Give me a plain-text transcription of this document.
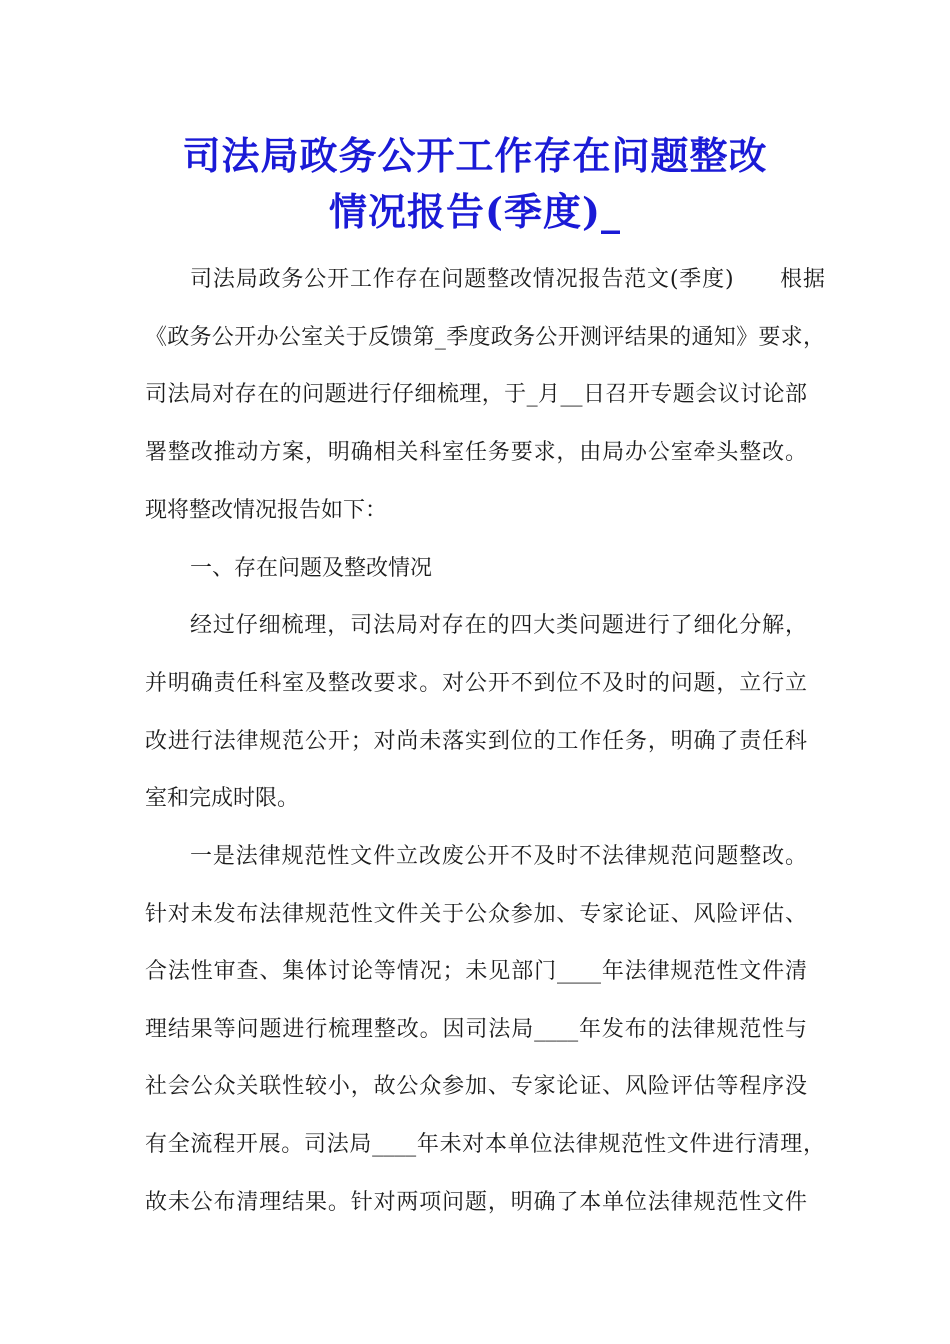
司法局政务公开工作存在问题整改
情况报告(季度)_

司法局政务公开工作存在问题整改情况报告范文(季度)　　根据

《政务公开办公室关于反馈第_季度政务公开测评结果的通知》要求，

司法局对存在的问题进行仔细梳理，于_月__日召开专题会议讨论部

署整改推动方案，明确相关科室任务要求，由局办公室牵头整改。

现将整改情况报告如下：

一、存在问题及整改情况

经过仔细梳理，司法局对存在的四大类问题进行了细化分解，

并明确责任科室及整改要求。对公开不到位不及时的问题，立行立

改进行法律规范公开；对尚未落实到位的工作任务，明确了责任科

室和完成时限。

一是法律规范性文件立改废公开不及时不法律规范问题整改。

针对未发布法律规范性文件关于公众参加、专家论证、风险评估、

合法性审查、集体讨论等情况；未见部门____年法律规范性文件清

理结果等问题进行梳理整改。因司法局____年发布的法律规范性与

社会公众关联性较小，故公众参加、专家论证、风险评估等程序没

有全流程开展。司法局____年未对本单位法律规范性文件进行清理，

故未公布清理结果。针对两项问题，明确了本单位法律规范性文件
